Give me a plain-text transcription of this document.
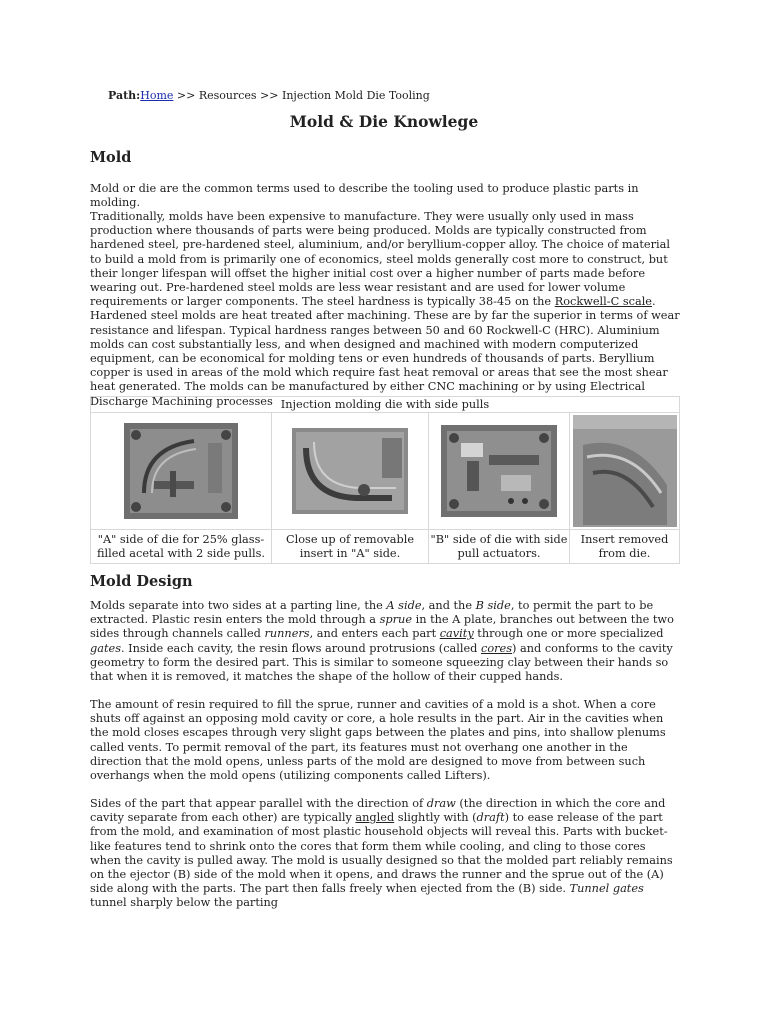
Path:Home >> Resources >> Injection Mold Die Tooling
Mold & Die Knowlege
Mold

Mold or die are the common terms used to describe the tooling used to produce plastic parts in molding.

Traditionally, molds have been expensive to manufacture. They were usually only used in mass production where thousands of parts were being produced. Molds are typically constructed from hardened steel, pre-hardened steel, aluminium, and/or beryllium-copper alloy. The choice of material to build a mold from is primarily one of economics, steel molds generally cost more to construct, but their longer lifespan will offset the higher initial cost over a higher number of parts made before wearing out. Pre-hardened steel molds are less wear resistant and are used for lower volume requirements or larger components. The steel hardness is typically 38-45 on the Rockwell-C scale. Hardened steel molds are heat treated after machining. These are by far the superior in terms of wear resistance and lifespan. Typical hardness ranges between 50 and 60 Rockwell-C (HRC). Aluminium molds can cost substantially less, and when designed and machined with modern computerized equipment, can be economical for molding tens or even hundreds of thousands of parts. Beryllium copper is used in areas of the mold which require fast heat removal or areas that see the most shear heat generated. The molds can be manufactured by either CNC machining or by using Electrical Discharge Machining processes Injection molding die with side pulls			

"A" side of die for 25% glass-filled acetal with 2 side pulls.	Close up of removable insert in "A" side.	"B" side of die with side pull actuators.	Insert removed from die.
Mold Design

Molds separate into two sides at a parting line, the A side, and the B side, to permit the part to be extracted. Plastic resin enters the mold through a sprue in the A plate, branches out between the two sides through channels called runners, and enters each part cavity through one or more specialized gates. Inside each cavity, the resin flows around protrusions (called cores) and conforms to the cavity geometry to form the desired part. This is similar to someone squeezing clay between their hands so that when it is removed, it matches the shape of the hollow of their cupped hands.

The amount of resin required to fill the sprue, runner and cavities of a mold is a shot. When a core shuts off against an opposing mold cavity or core, a hole results in the part. Air in the cavities when the mold closes escapes through very slight gaps between the plates and pins, into shallow plenums called vents. To permit removal of the part, its features must not overhang one another in the direction that the mold opens, unless parts of the mold are designed to move from between such overhangs when the mold opens (utilizing components called Lifters).

Sides of the part that appear parallel with the direction of draw (the direction in which the core and cavity separate from each other) are typically angled slightly with (draft) to ease release of the part from the mold, and examination of most plastic household objects will reveal this. Parts with bucket-like features tend to shrink onto the cores that form them while cooling, and cling to those cores when the cavity is pulled away. The mold is usually designed so that the molded part reliably remains on the ejector (B) side of the mold when it opens, and draws the runner and the sprue out of the (A) side along with the parts. The part then falls freely when ejected from the (B) side. Tunnel gates tunnel sharply below the parting
